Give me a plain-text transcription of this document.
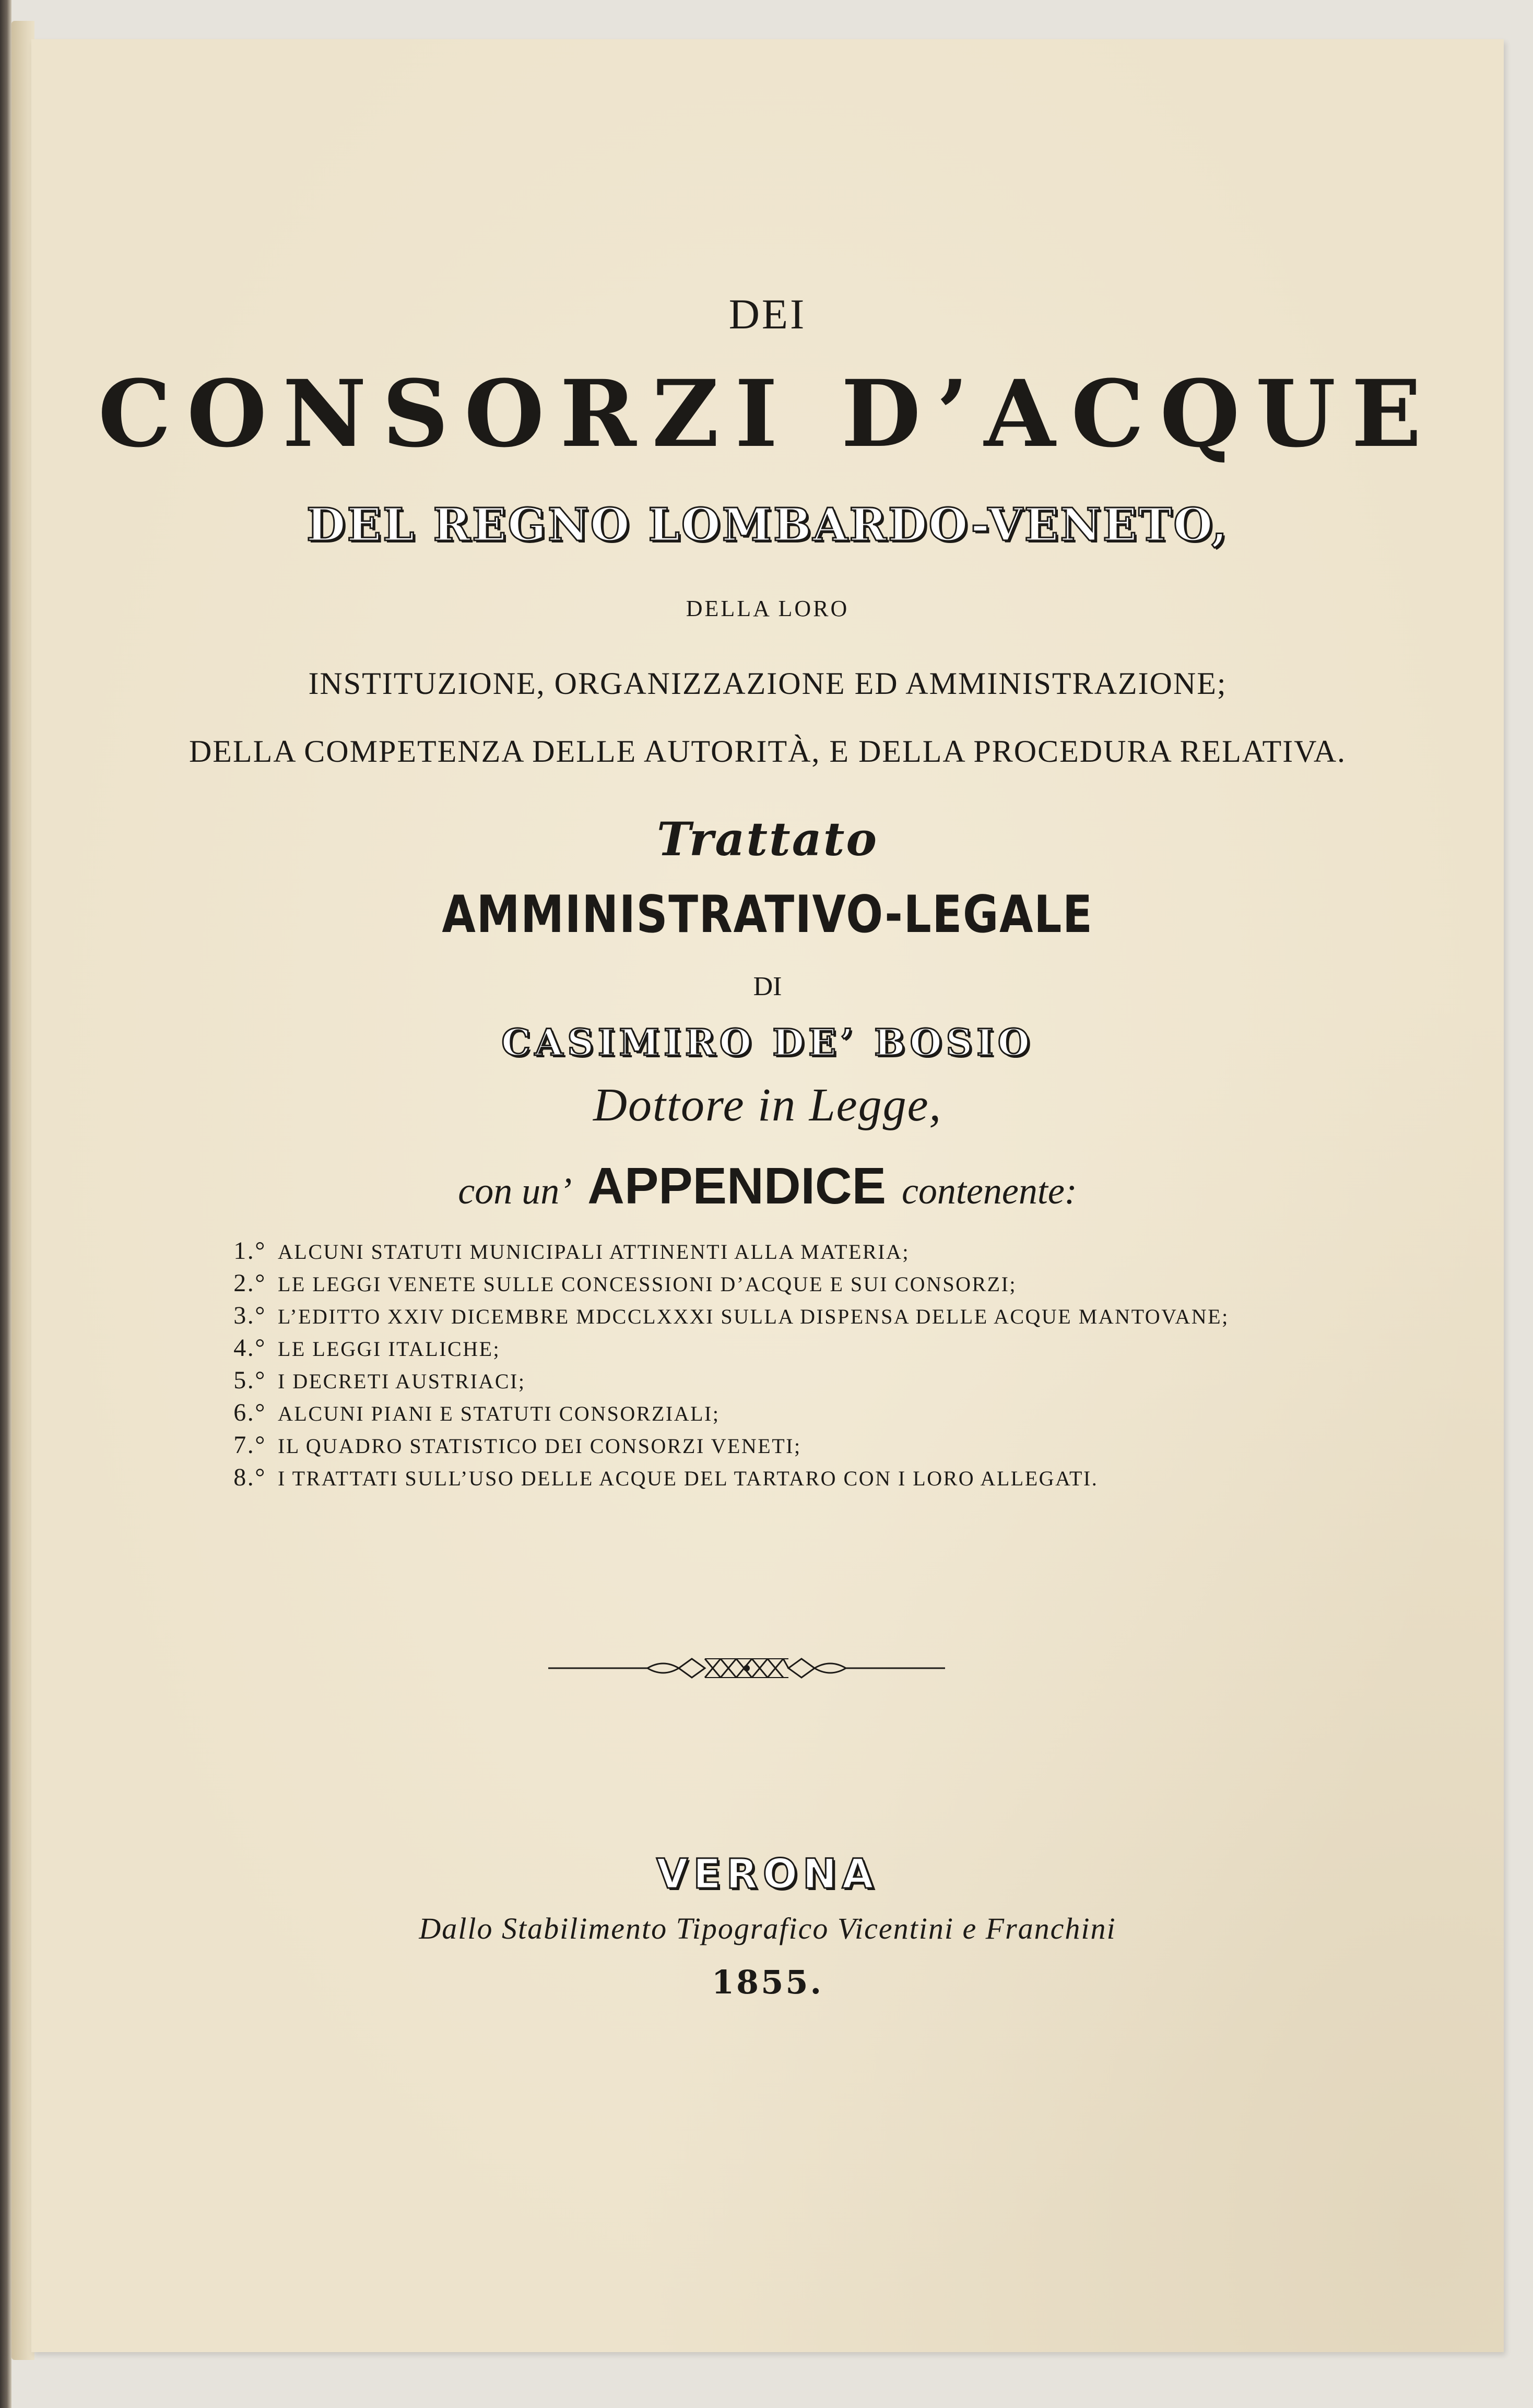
DEI

CONSORZI D’ACQUE

DEL REGNO LOMBARDO-VENETO,

DELLA LORO

INSTITUZIONE, ORGANIZZAZIONE ED AMMINISTRAZIONE;

DELLA COMPETENZA DELLE AUTORITÀ, E DELLA PROCEDURA RELATIVA.

Trattato

AMMINISTRATIVO-LEGALE

DI

CASIMIRO DE’ BOSIO

Dottore in Legge,

con un’ APPENDICE contenente:

1.° ALCUNI STATUTI MUNICIPALI ATTINENTI ALLA MATERIA;
2.° LE LEGGI VENETE SULLE CONCESSIONI D’ACQUE E SUI CONSORZI;
3.° L’EDITTO XXIV DICEMBRE MDCCLXXXI SULLA DISPENSA DELLE ACQUE MANTOVANE;
4.° LE LEGGI ITALICHE;
5.° I DECRETI AUSTRIACI;
6.° ALCUNI PIANI E STATUTI CONSORZIALI;
7.° IL QUADRO STATISTICO DEI CONSORZI VENETI;
8.° I TRATTATI SULL’USO DELLE ACQUE DEL TARTARO CON I LORO ALLEGATI.

VERONA

Dallo Stabilimento Tipografico Vicentini e Franchini

1855.
